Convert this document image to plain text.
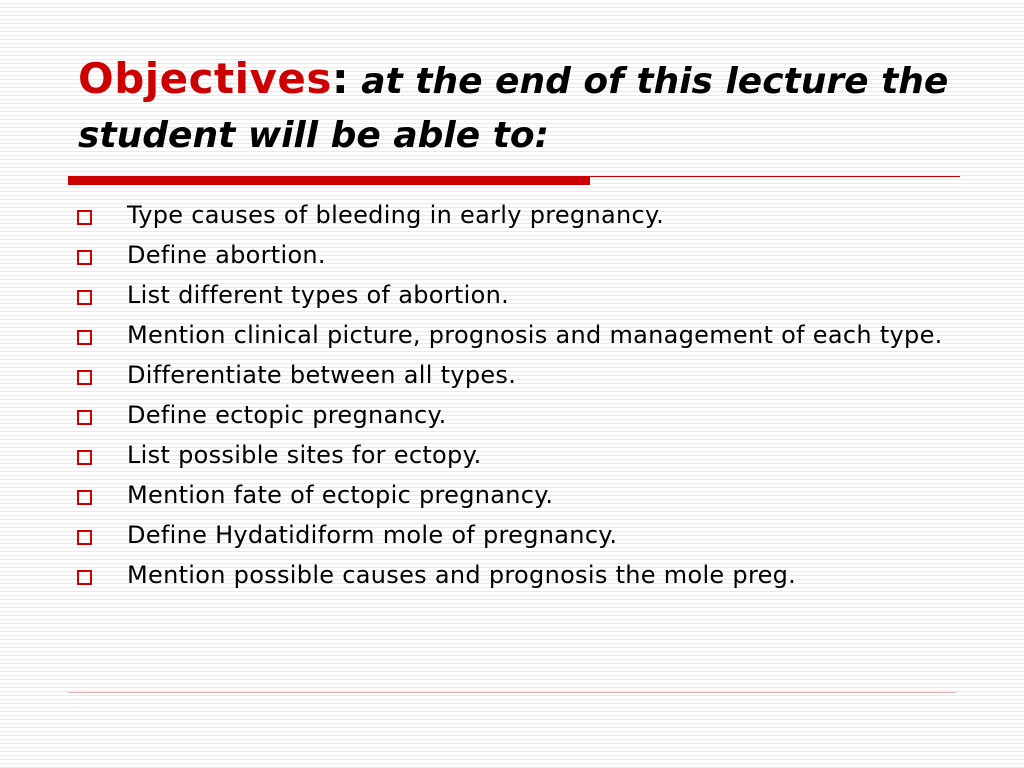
Objectives: at the end of this lecture the student will be able to:
Type causes of bleeding in early pregnancy.
Define abortion.
List different types of abortion.
Mention clinical picture, prognosis and management of each type.
Differentiate between all types.
Define ectopic pregnancy.
List possible sites for ectopy.
Mention fate of ectopic pregnancy.
Define Hydatidiform mole of pregnancy.
Mention possible causes and prognosis the mole preg.
